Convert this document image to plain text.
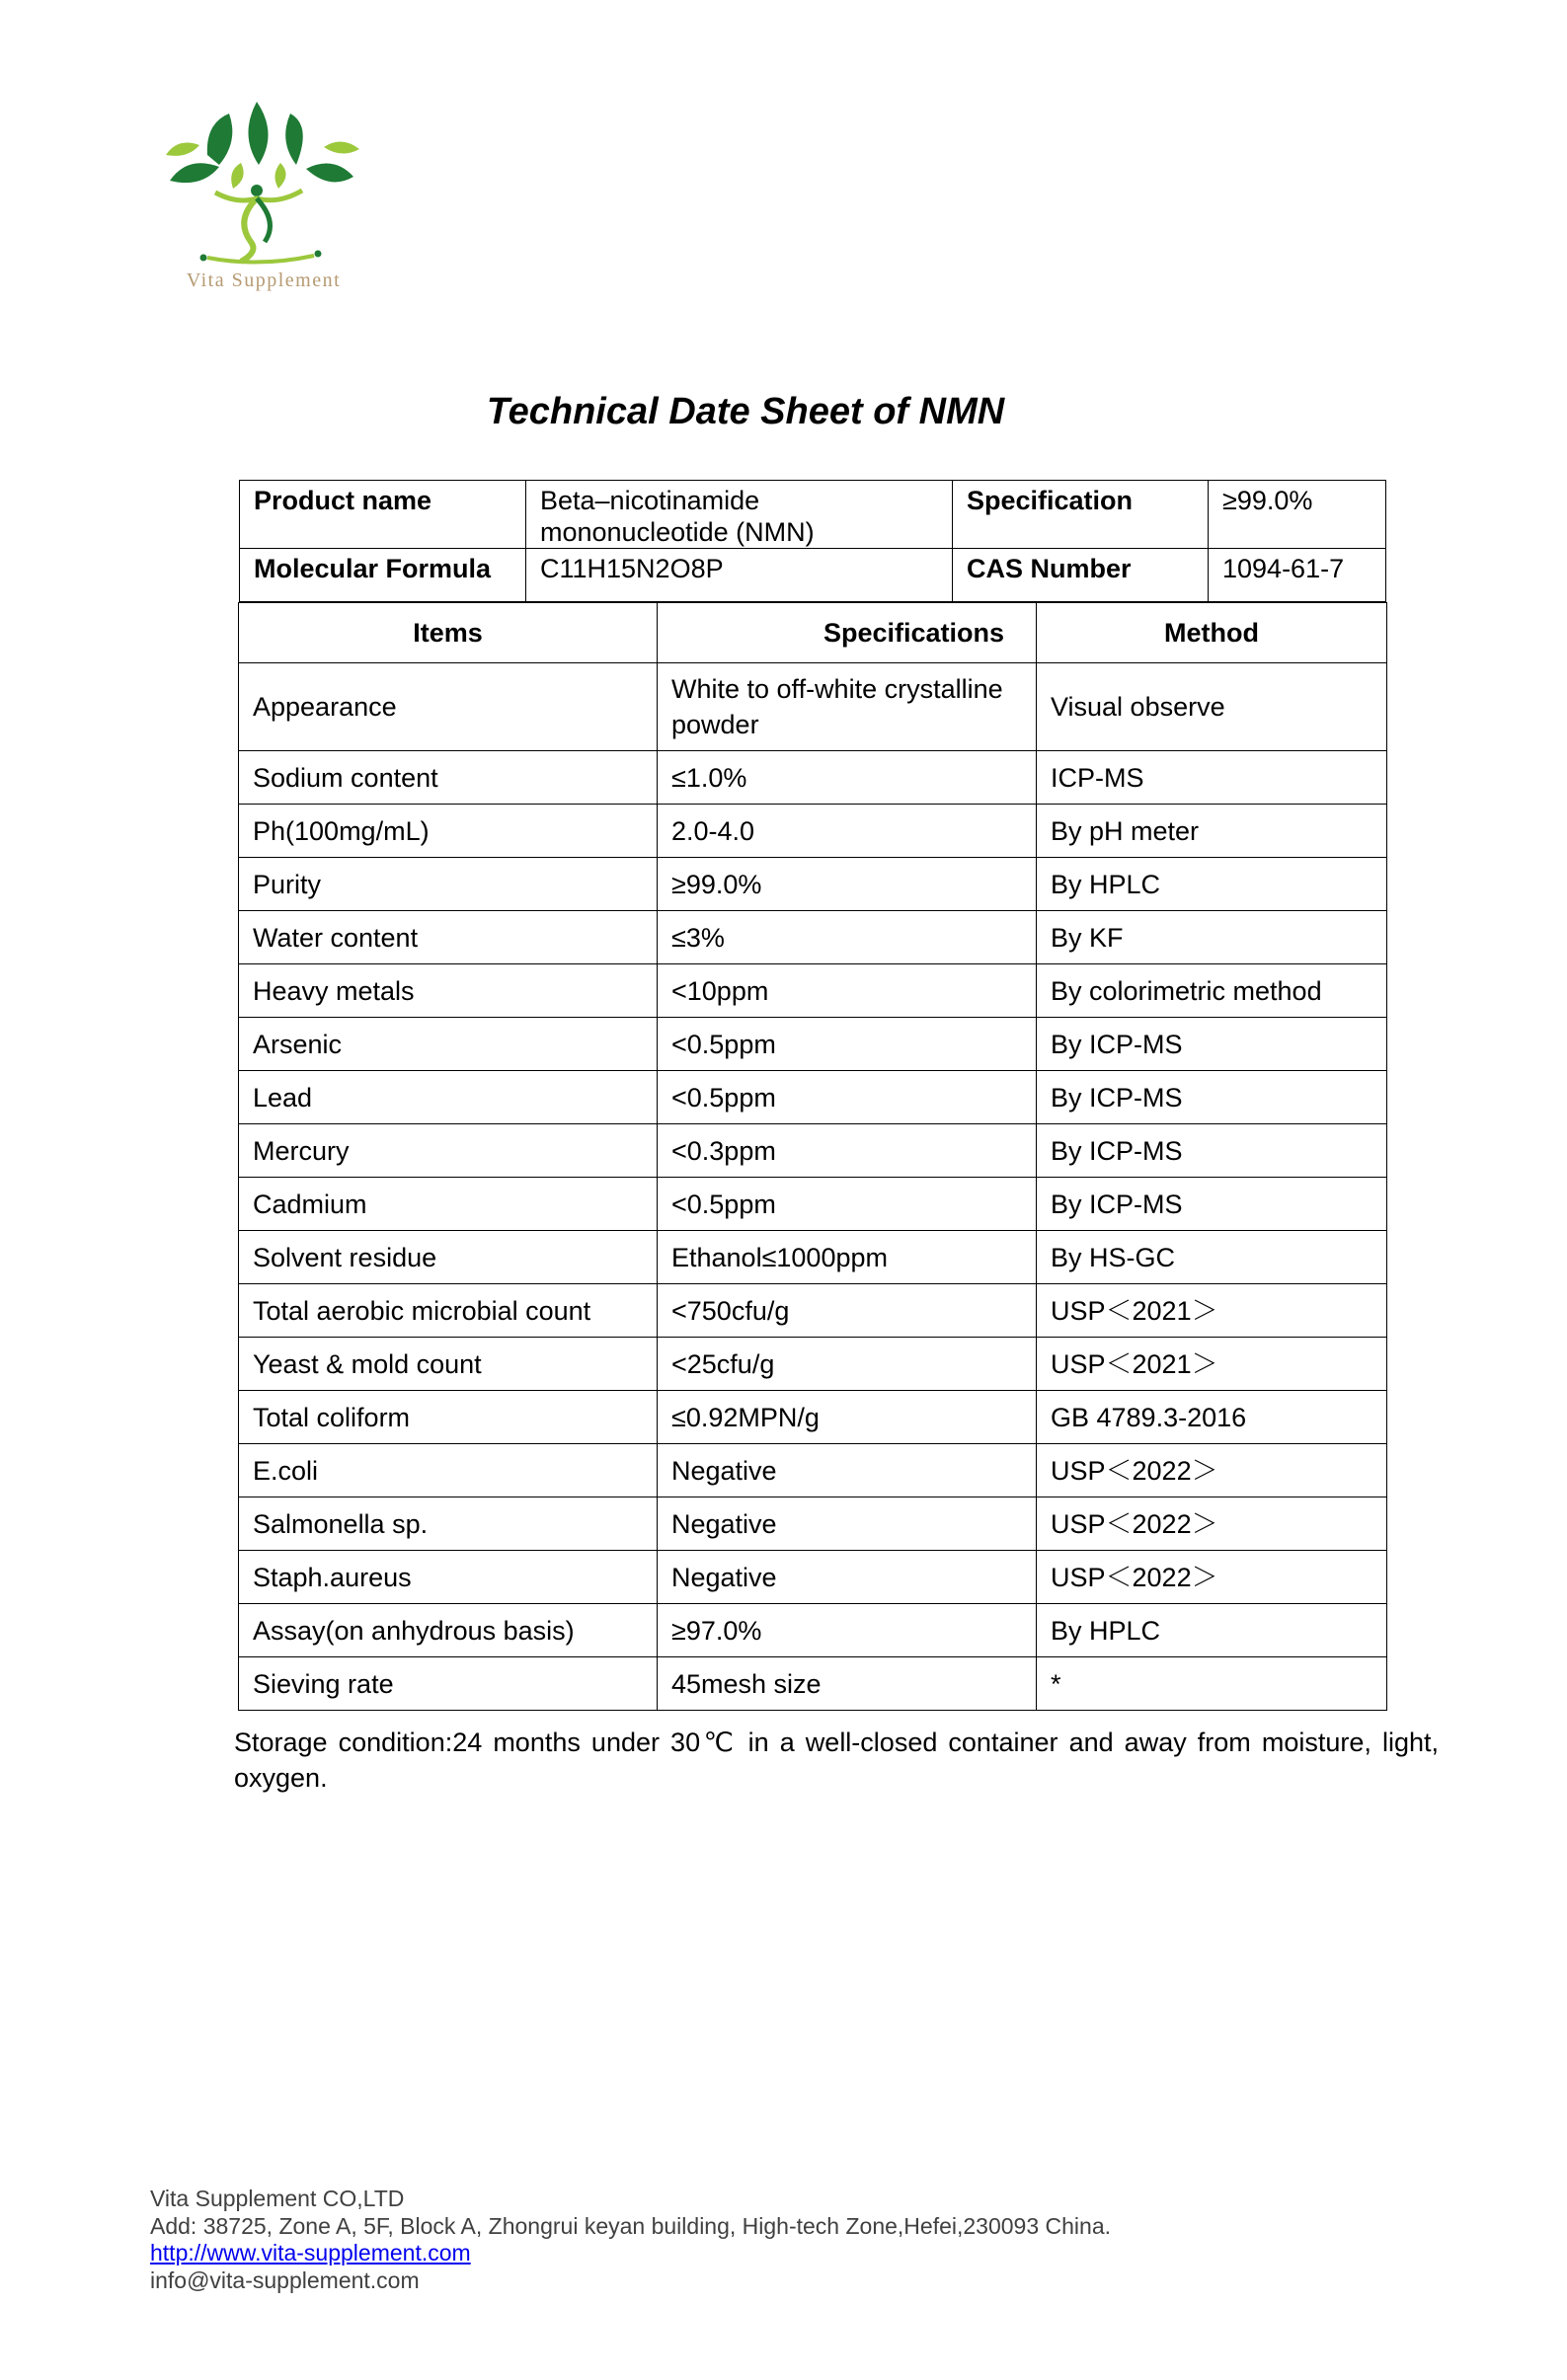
Vita Supplement
Technical Date Sheet of NMN
Product name	Beta–nicotinamide mononucleotide (NMN)	Specification	≥99.0%
Molecular Formula	C11H15N2O8P	CAS Number	1094-61-7
Items	Specifications	Method
Appearance	White to off-white crystalline powder	Visual observe
Sodium content	≤1.0%	ICP-MS
Ph(100mg/mL)	2.0-4.0	By pH meter
Purity	≥99.0%	By HPLC
Water content	≤3%	By KF
Heavy metals	<10ppm	By colorimetric method
Arsenic	<0.5ppm	By ICP-MS
Lead	<0.5ppm	By ICP-MS
Mercury	<0.3ppm	By ICP-MS
Cadmium	<0.5ppm	By ICP-MS
Solvent residue	Ethanol≤1000ppm	By HS-GC
Total aerobic microbial count	<750cfu/g	USP＜2021＞
Yeast & mold count	<25cfu/g	USP＜2021＞
Total coliform	≤0.92MPN/g	GB 4789.3-2016
E.coli	Negative	USP＜2022＞
Salmonella sp.	Negative	USP＜2022＞
Staph.aureus	Negative	USP＜2022＞
Assay(on anhydrous basis)	≥97.0%	By HPLC
Sieving rate	45mesh size	*
Storage condition:24 months under 30℃ in a well-closed container and away from moisture, light, oxygen.
Vita Supplement CO,LTD
Add: 38725, Zone A, 5F, Block A, Zhongrui keyan building, High-tech Zone,Hefei,230093 China.
http://www.vita-supplement.com
info@vita-supplement.com
